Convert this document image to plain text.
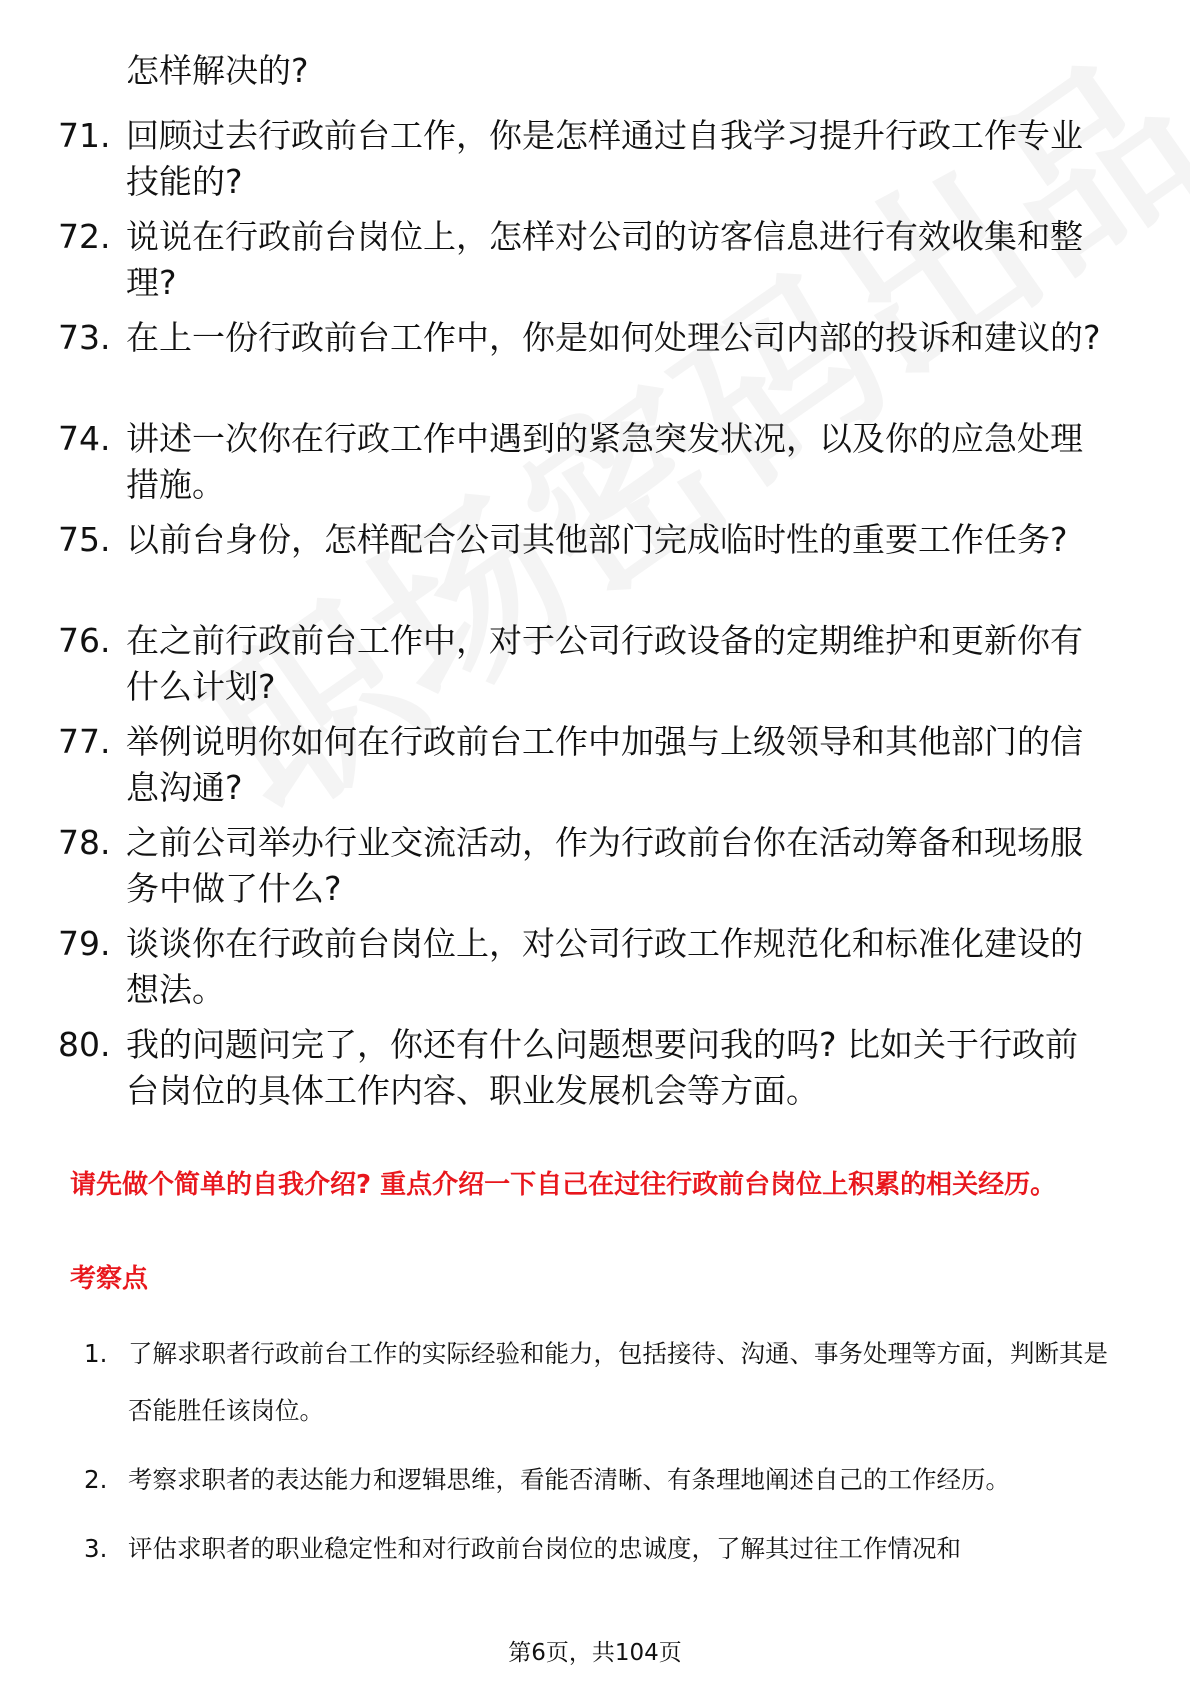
怎样解决的?
71. 回顾过去行政前台工作，你是怎样通过自我学习提升行政工作专业技能的?
72. 说说在行政前台岗位上，怎样对公司的访客信息进行有效收集和整理?
73. 在上一份行政前台工作中，你是如何处理公司内部的投诉和建议的?
74. 讲述一次你在行政工作中遇到的紧急突发状况，以及你的应急处理措施。
75. 以前台身份，怎样配合公司其他部门完成临时性的重要工作任务?
76. 在之前行政前台工作中，对于公司行政设备的定期维护和更新你有什么计划?
77. 举例说明你如何在行政前台工作中加强与上级领导和其他部门的信息沟通?
78. 之前公司举办行业交流活动，作为行政前台你在活动筹备和现场服务中做了什么?
79. 谈谈你在行政前台岗位上，对公司行政工作规范化和标准化建设的想法。
80. 我的问题问完了，你还有什么问题想要问我的吗? 比如关于行政前台岗位的具体工作内容、职业发展机会等方面。
请先做个简单的自我介绍? 重点介绍一下自己在过往行政前台岗位上积累的相关经历。
考察点
1. 了解求职者行政前台工作的实际经验和能力，包括接待、沟通、事务处理等方面，判断其是否能胜任该岗位。
2. 考察求职者的表达能力和逻辑思维，看能否清晰、有条理地阐述自己的工作经历。
3. 评估求职者的职业稳定性和对行政前台岗位的忠诚度，了解其过往工作情况和
第6页，共104页
